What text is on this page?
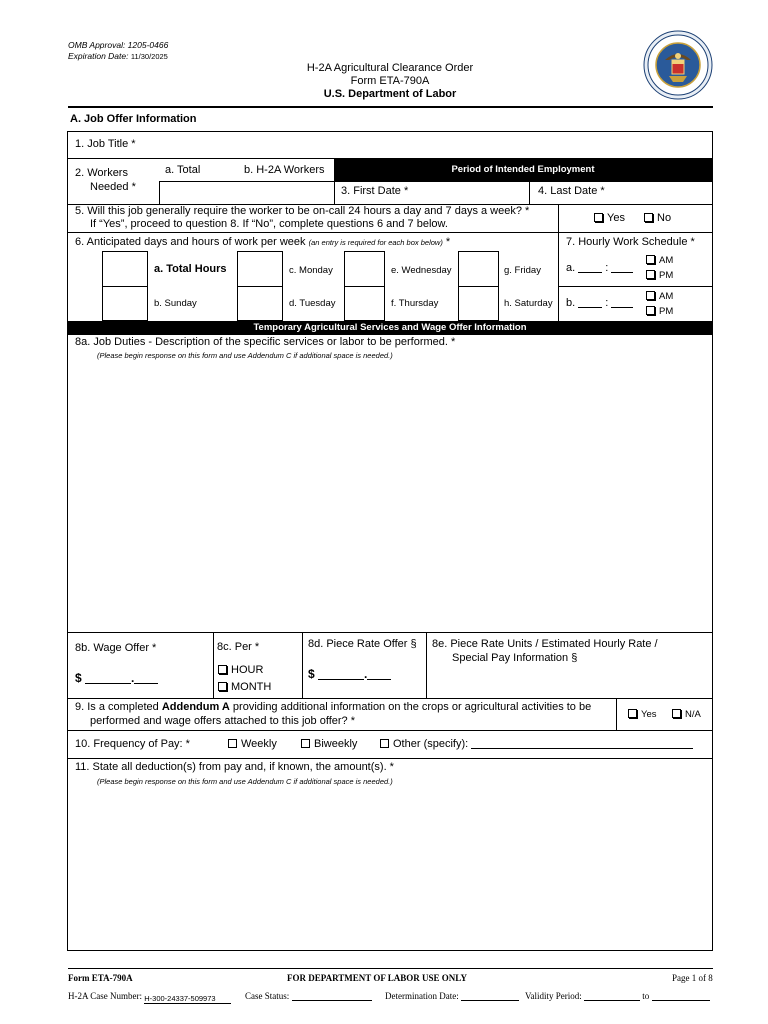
OMB Approval: 1205-0466
Expiration Date: 11/30/2025
H-2A Agricultural Clearance Order
Form ETA-790A
U.S. Department of Labor
A. Job Offer Information
1. Job Title *
2. Workers
Needed *
a. Total	b. H-2A Workers	Period of Intended Employment
3. First Date *	4. Last Date *
5. Will this job generally require the worker to be on-call 24 hours a day and 7 days a week? *
If “Yes”, proceed to question 8. If “No”, complete questions 6 and 7 below.	Yes	No
6. Anticipated days and hours of work per week (an entry is required for each box below) *	7. Hourly Work Schedule *
a. Total Hours
b. Sunday
c. Monday
d. Tuesday
e. Wednesday
f. Thursday
g. Friday
h. Saturday
a.  :
AM
PM
b.  :
AM
PM
Temporary Agricultural Services and Wage Offer Information
8a. Job Duties - Description of the specific services or labor to be performed. *
(Please begin response on this form and use Addendum C if additional space is needed.)
8b. Wage Offer *
$	.
8c. Per *
HOUR
MONTH
8d. Piece Rate Offer §
$	.
8e. Piece Rate Units / Estimated Hourly Rate /
Special Pay Information §
9. Is a completed Addendum A providing additional information on the crops or agricultural activities to be
performed and wage offers attached to this job offer? *
Yes	N/A
10. Frequency of Pay: *	Weekly	Biweekly	Other (specify):
11. State all deduction(s) from pay and, if known, the amount(s). *
(Please begin response on this form and use Addendum C if additional space is needed.)
Form ETA-790A	FOR DEPARTMENT OF LABOR USE ONLY	Page 1 of 8
H-2A Case Number: H-300-24337-509973	Case Status:	Determination Date:	Validity Period:	to
